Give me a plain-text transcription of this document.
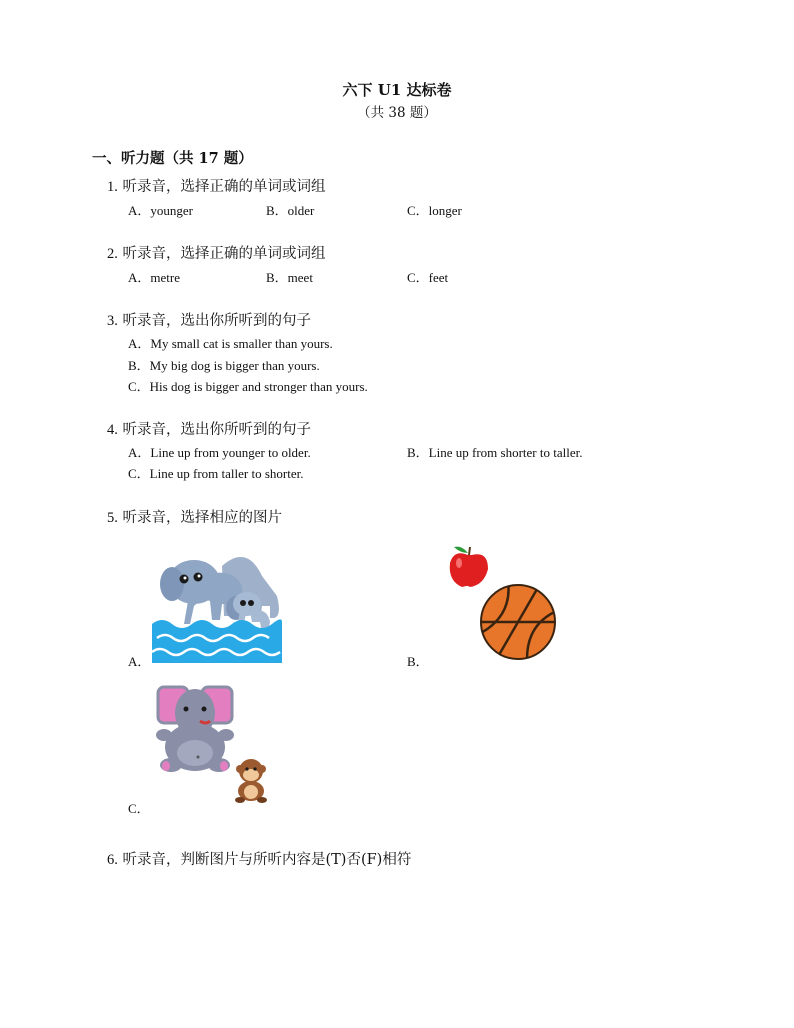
六下 U1 达标卷
（共 38 题）
一、听力题（共 17 题）
1. 听录音，选择正确的单词或词组
A．younger	B．older	C．longer
2. 听录音，选择正确的单词或词组
A．metre	B．meet	C．feet
3. 听录音，选出你所听到的句子
A．My small cat is smaller than yours.
B．My big dog is bigger than yours.
C．His dog is bigger and stronger than yours.
4. 听录音，选出你所听到的句子
A．Line up from younger to older.	B．Line up from shorter to taller.
C．Line up from taller to shorter.
5. 听录音，选择相应的图片
A．	B．
C．
6. 听录音，判断图片与所听内容是(T)否(F)相符
